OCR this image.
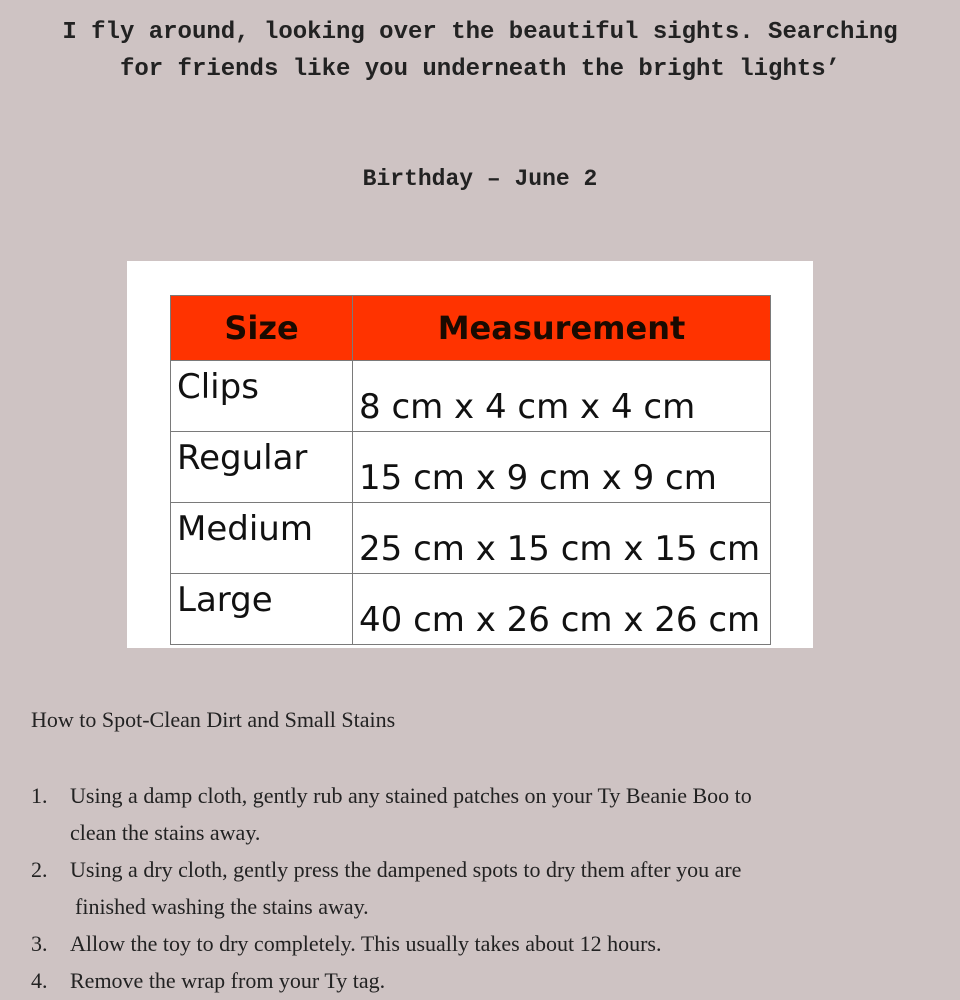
I fly around, looking over the beautiful sights. Searching
for friends like you underneath the bright lights’
Birthday – June 2
Size	Measurement
Clips	8 cm x 4 cm x 4 cm
Regular	15 cm x 9 cm x 9 cm
Medium	25 cm x 15 cm x 15 cm
Large	40 cm x 26 cm x 26 cm
How to Spot-Clean Dirt and Small Stains
1. Using a damp cloth, gently rub any stained patches on your Ty Beanie Boo to
clean the stains away.
2. Using a dry cloth, gently press the dampened spots to dry them after you are
finished washing the stains away.
3. Allow the toy to dry completely. This usually takes about 12 hours.
4. Remove the wrap from your Ty tag.
